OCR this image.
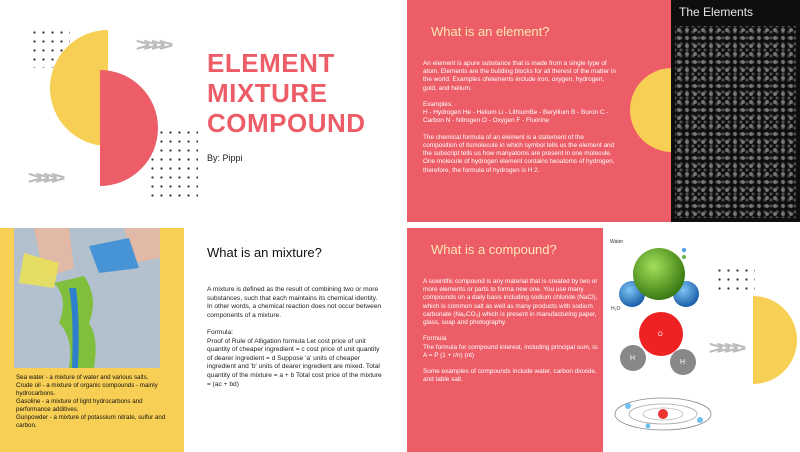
>>>>
>>>>
ELEMENT
MIXTURE
COMPOUND
By: Pippi
What is an element?
An element is apure substance that is made from a single type of atom. Elements are the building blocks for all therest of the matter in the world. Examples ofelements include iron, oxygen, hydrogen, gold, and helium.

Examples:
H - Hydrogen He - Helium Li - LithiumBe - Beryllium B - Boron C - Carbon N - Nitrogen O - Oxygen F - Fluorine

The chemical formula of an element is a statement of the composition of itsmolecule in which symbol tells us the element and the subscript tells us how manyatoms are present in one molecule. One molecule of hydrogen element contains twoatoms of hydrogen, therefore, the formula of hydrogen is H 2.
The Elements
Sea water - a mixture of water and various salts.
Crude oil - a mixture of organic compounds - mainly hydrocarbons.
Gasoline - a mixture of light hydrocarbons and performance additives.
Gunpowder - a mixture of potassium nitrate, sulfur and carbon.
What is an mixture?
A mixture is defined as the result of combining two or more substances, such that each maintains its chemical identity. In other words, a chemical reaction does not occur between components of a mixture.

Formula:
Proof of Rule of Alligation formula Let cost price of unit quantity of cheaper ingredient = c cost price of unit quantity of dearer ingredient = d Suppose 'a' units of cheaper ingredient and 'b' units of dearer ingredient are mixed. Total quantity of the mixture = a + b Total cost price of the mixture = (ac + bd)
What is a compound?
A scientific compound is any material that is created by two or more elements or parts to forma new one. You use many compounds on a daily basis including sodium chloride (NaCl), which is common salt as well as many products with sodium carbonate (Na₂CO₃) which is present in manufacturing paper, glass, soap and photography.

Formula
The formula for compound interest, including principal sum, is: A = P (1 + r/n) (nt)

Some examples of compounds include water, carbon dioxide, and table salt.
>>>>
Water
H₂O
O
H
H
